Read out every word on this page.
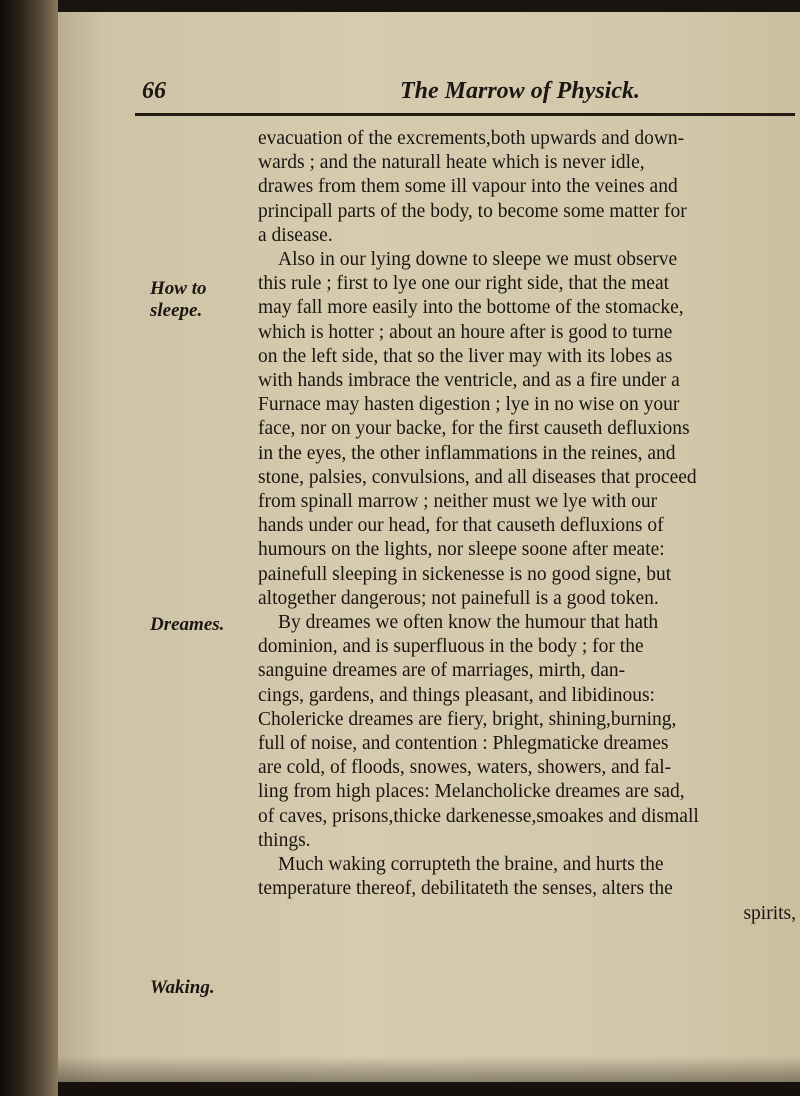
66	The Marrow of Physick.
How to
sleepe.
Dreames.
Waking.
evacuation of the excrements,both upwards and down-
wards ; and the naturall heate which is never idle,
drawes from them some ill vapour into the veines and
principall parts of the body, to become some matter for
a disease.
Also in our lying downe to sleepe we must observe
this rule ; first to lye one our right side, that the meat
may fall more easily into the bottome of the stomacke,
which is hotter ; about an houre after is good to turne
on the left side, that so the liver may with its lobes as
with hands imbrace the ventricle, and as a fire under a
Furnace may hasten digestion ; lye in no wise on your
face, nor on your backe, for the first causeth defluxions
in the eyes, the other inflammations in the reines, and
stone, palsies, convulsions, and all diseases that proceed
from spinall marrow ; neither must we lye with our
hands under our head, for that causeth defluxions of
humours on the lights, nor sleepe soone after meate:
painefull sleeping in sickenesse is no good signe, but
altogether dangerous; not painefull is a good token.
By dreames we often know the humour that hath
dominion, and is superfluous in the body ; for the
sanguine dreames are of marriages, mirth, dan-
cings, gardens, and things pleasant, and libidinous:
Cholericke dreames are fiery, bright, shining,burning,
full of noise, and contention : Phlegmaticke dreames
are cold, of floods, snowes, waters, showers, and fal-
ling from high places: Melancholicke dreames are sad,
of caves, prisons,thicke darkenesse,smoakes and dismall
things.
Much waking corrupteth the braine, and hurts the
temperature thereof, debilitateth the senses, alters the
spirits,
